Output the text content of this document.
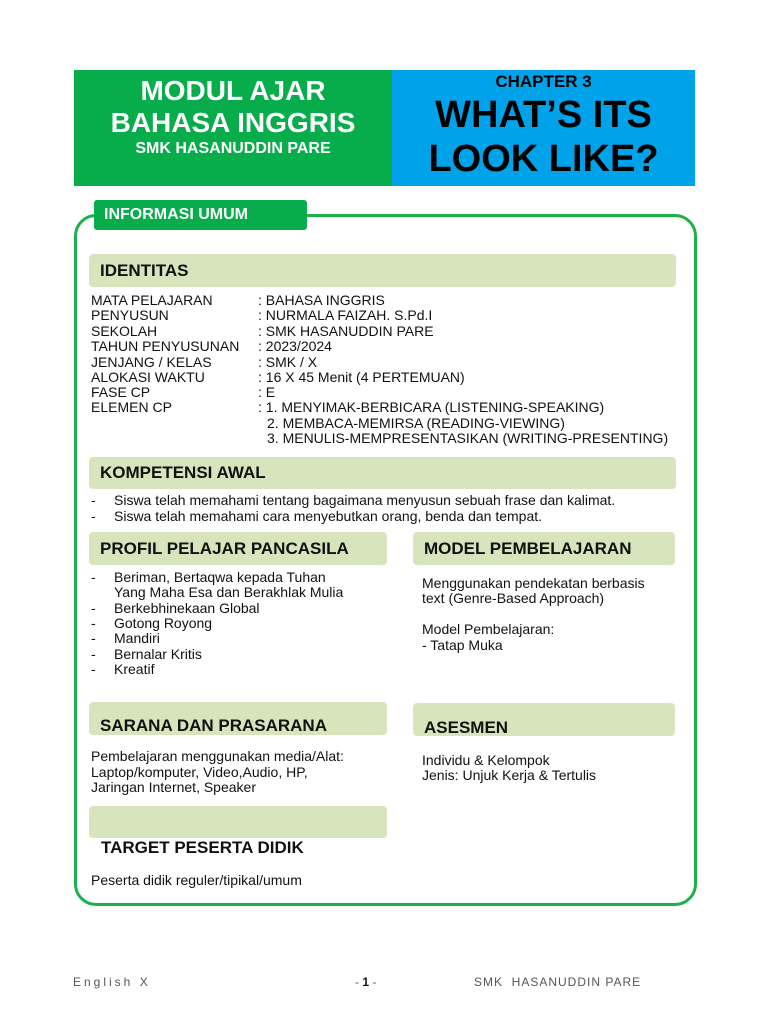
MODUL AJAR
BAHASA INGGRIS
SMK HASANUDDIN PARE
CHAPTER 3
WHAT’S ITS
LOOK LIKE?
INFORMASI UMUM
IDENTITAS
MATA PELAJARAN	: BAHASA INGGRIS
PENYUSUN	: NURMALA FAIZAH. S.Pd.I
SEKOLAH	: SMK HASANUDDIN PARE
TAHUN PENYUSUNAN : 2023/2024
JENJANG / KELAS	: SMK / X
ALOKASI WAKTU	: 16 X 45 Menit (4 PERTEMUAN)
FASE CP	: E
ELEMEN CP	: 1. MENYIMAK-BERBICARA (LISTENING-SPEAKING)
2. MEMBACA-MEMIRSA (READING-VIEWING)
3. MENULIS-MEMPRESENTASIKAN (WRITING-PRESENTING)
KOMPETENSI AWAL
- Siswa telah memahami tentang bagaimana menyusun sebuah frase dan kalimat.
- Siswa telah memahami cara menyebutkan orang, benda dan tempat.
PROFIL PELAJAR PANCASILA
- Beriman, Bertaqwa kepada Tuhan
Yang Maha Esa dan Berakhlak Mulia
- Berkebhinekaan Global
- Gotong Royong
- Mandiri
- Bernalar Kritis
- Kreatif
MODEL PEMBELAJARAN
Menggunakan pendekatan berbasis
text (Genre-Based Approach)
Model Pembelajaran:
- Tatap Muka
SARANA DAN PRASARANA
Pembelajaran menggunakan media/Alat:
Laptop/komputer, Video,Audio, HP,
Jaringan Internet, Speaker
ASESMEN
Individu & Kelompok
Jenis: Unjuk Kerja & Tertulis
TARGET PESERTA DIDIK
Peserta didik reguler/tipikal/umum
English X	- 1 -	SMK  HASANUDDIN PARE
